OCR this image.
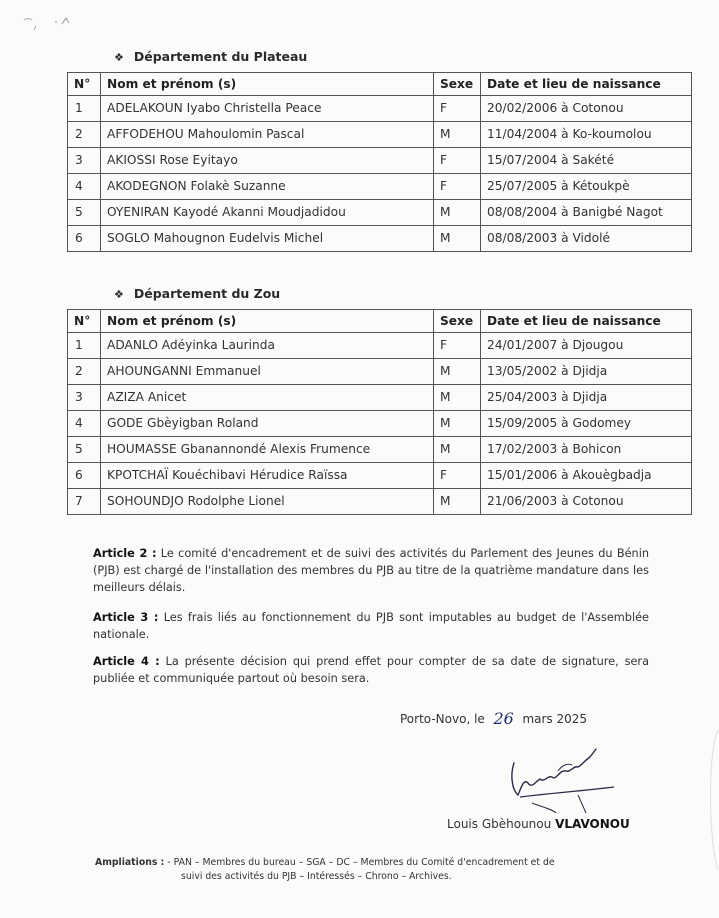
❖ Département du Plateau
N°	Nom et prénom (s)	Sexe	Date et lieu de naissance
1	ADELAKOUN Iyabo Christella Peace	F	20/02/2006 à Cotonou
2	AFFODEHOU Mahoulomin Pascal	M	11/04/2004 à Ko-koumolou
3	AKIOSSI Rose Eyitayo	F	15/07/2004 à Sakété
4	AKODEGNON Folakè Suzanne	F	25/07/2005 à Kétoukpè
5	OYENIRAN Kayodé Akanni Moudjadidou	M	08/08/2004 à Banigbé Nagot
6	SOGLO Mahougnon Eudelvis Michel	M	08/08/2003 à Vidolé
❖ Département du Zou
N°	Nom et prénom (s)	Sexe	Date et lieu de naissance
1	ADANLO Adéyinka Laurinda	F	24/01/2007 à Djougou
2	AHOUNGANNI Emmanuel	M	13/05/2002 à Djidja
3	AZIZA Anicet	M	25/04/2003 à Djidja
4	GODE Gbèyigban Roland	M	15/09/2005 à Godomey
5	HOUMASSE Gbanannondé Alexis Frumence	M	17/02/2003 à Bohicon
6	KPOTCHAÏ Kouéchibavi Hérudice Raïssa	F	15/01/2006 à Akouègbadja
7	SOHOUNDJO Rodolphe Lionel	M	21/06/2003 à Cotonou
Article 2 : Le comité d'encadrement et de suivi des activités du Parlement des Jeunes du Bénin (PJB) est chargé de l'installation des membres du PJB au titre de la quatrième mandature dans les meilleurs délais.
Article 3 : Les frais liés au fonctionnement du PJB sont imputables au budget de l'Assemblée nationale.
Article 4 : La présente décision qui prend effet pour compter de sa date de signature, sera publiée et communiquée partout où besoin sera.
Porto-Novo, le 26 mars 2025
Louis Gbèhounou VLAVONOU
Ampliations : - PAN – Membres du bureau – SGA – DC – Membres du Comité d'encadrement et de
suivi des activités du PJB – Intéressés – Chrono – Archives.
